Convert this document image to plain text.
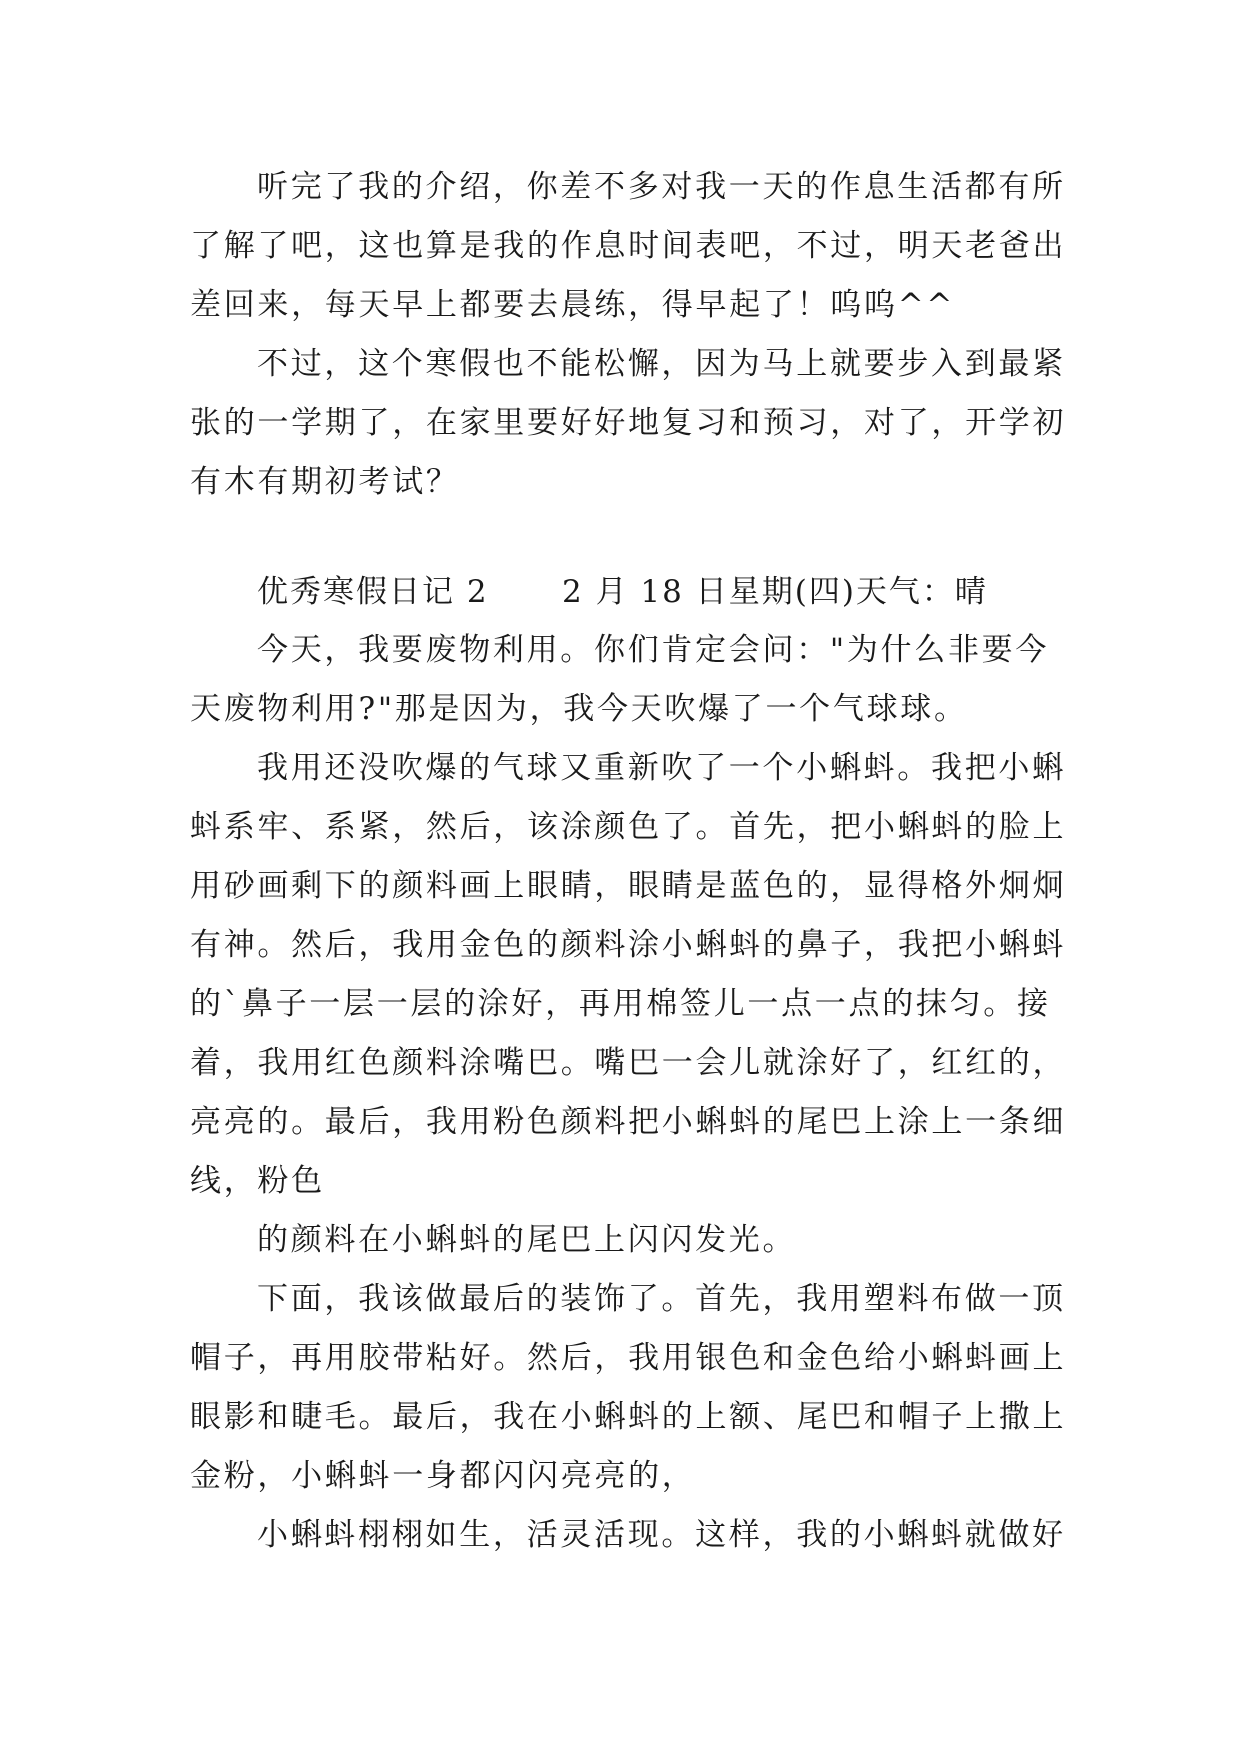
听完了我的介绍，你差不多对我一天的作息生活都有所
了解了吧，这也算是我的作息时间表吧，不过，明天老爸出
差回来，每天早上都要去晨练，得早起了！呜呜^^
不过，这个寒假也不能松懈，因为马上就要步入到最紧
张的一学期了，在家里要好好地复习和预习，对了，开学初
有木有期初考试？
优秀寒假日记 2 2 月 18 日星期(四)天气：晴
今天，我要废物利用。你们肯定会问："为什么非要今
天废物利用?"那是因为，我今天吹爆了一个气球球。
我用还没吹爆的气球又重新吹了一个小蝌蚪。我把小蝌
蚪系牢、系紧，然后，该涂颜色了。首先，把小蝌蚪的脸上
用砂画剩下的颜料画上眼睛，眼睛是蓝色的，显得格外炯炯
有神。然后，我用金色的颜料涂小蝌蚪的鼻子，我把小蝌蚪
的`鼻子一层一层的涂好，再用棉签儿一点一点的抹匀。接
着，我用红色颜料涂嘴巴。嘴巴一会儿就涂好了，红红的，
亮亮的。最后，我用粉色颜料把小蝌蚪的尾巴上涂上一条细
线，粉色
的颜料在小蝌蚪的尾巴上闪闪发光。
下面，我该做最后的装饰了。首先，我用塑料布做一顶
帽子，再用胶带粘好。然后，我用银色和金色给小蝌蚪画上
眼影和睫毛。最后，我在小蝌蚪的上额、尾巴和帽子上撒上
金粉，小蝌蚪一身都闪闪亮亮的，
小蝌蚪栩栩如生，活灵活现。这样，我的小蝌蚪就做好
